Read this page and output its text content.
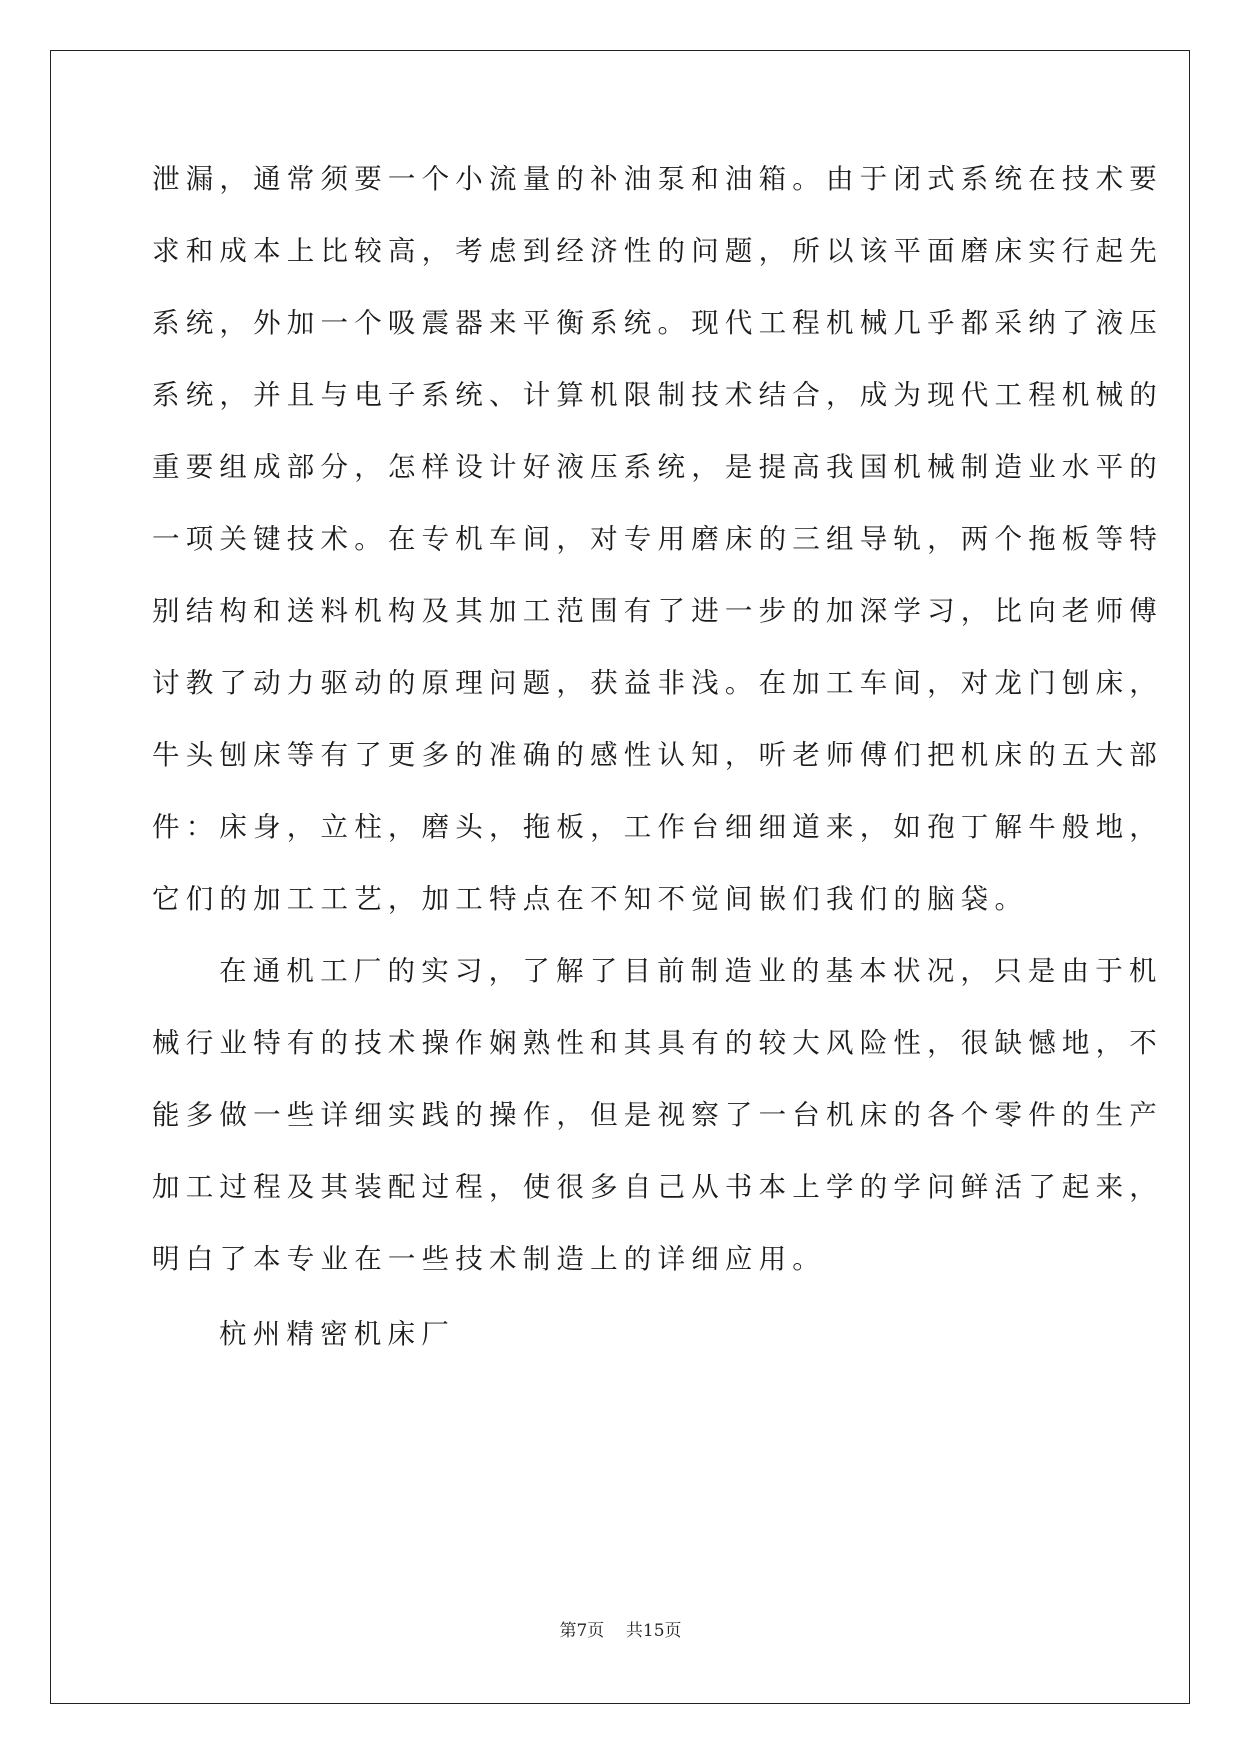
泄漏，通常须要一个小流量的补油泵和油箱。由于闭式系统在技术要
求和成本上比较高，考虑到经济性的问题，所以该平面磨床实行起先
系统，外加一个吸震器来平衡系统。现代工程机械几乎都采纳了液压
系统，并且与电子系统、计算机限制技术结合，成为现代工程机械的
重要组成部分，怎样设计好液压系统，是提高我国机械制造业水平的
一项关键技术。在专机车间，对专用磨床的三组导轨，两个拖板等特
别结构和送料机构及其加工范围有了进一步的加深学习，比向老师傅
讨教了动力驱动的原理问题，获益非浅。在加工车间，对龙门刨床，
牛头刨床等有了更多的准确的感性认知，听老师傅们把机床的五大部
件：床身，立柱，磨头，拖板，工作台细细道来，如孢丁解牛般地，
它们的加工工艺，加工特点在不知不觉间嵌们我们的脑袋。
在通机工厂的实习，了解了目前制造业的基本状况，只是由于机
械行业特有的技术操作娴熟性和其具有的较大风险性，很缺憾地，不
能多做一些详细实践的操作，但是视察了一台机床的各个零件的生产
加工过程及其装配过程，使很多自己从书本上学的学问鲜活了起来，
明白了本专业在一些技术制造上的详细应用。
杭州精密机床厂
第7页    共15页
